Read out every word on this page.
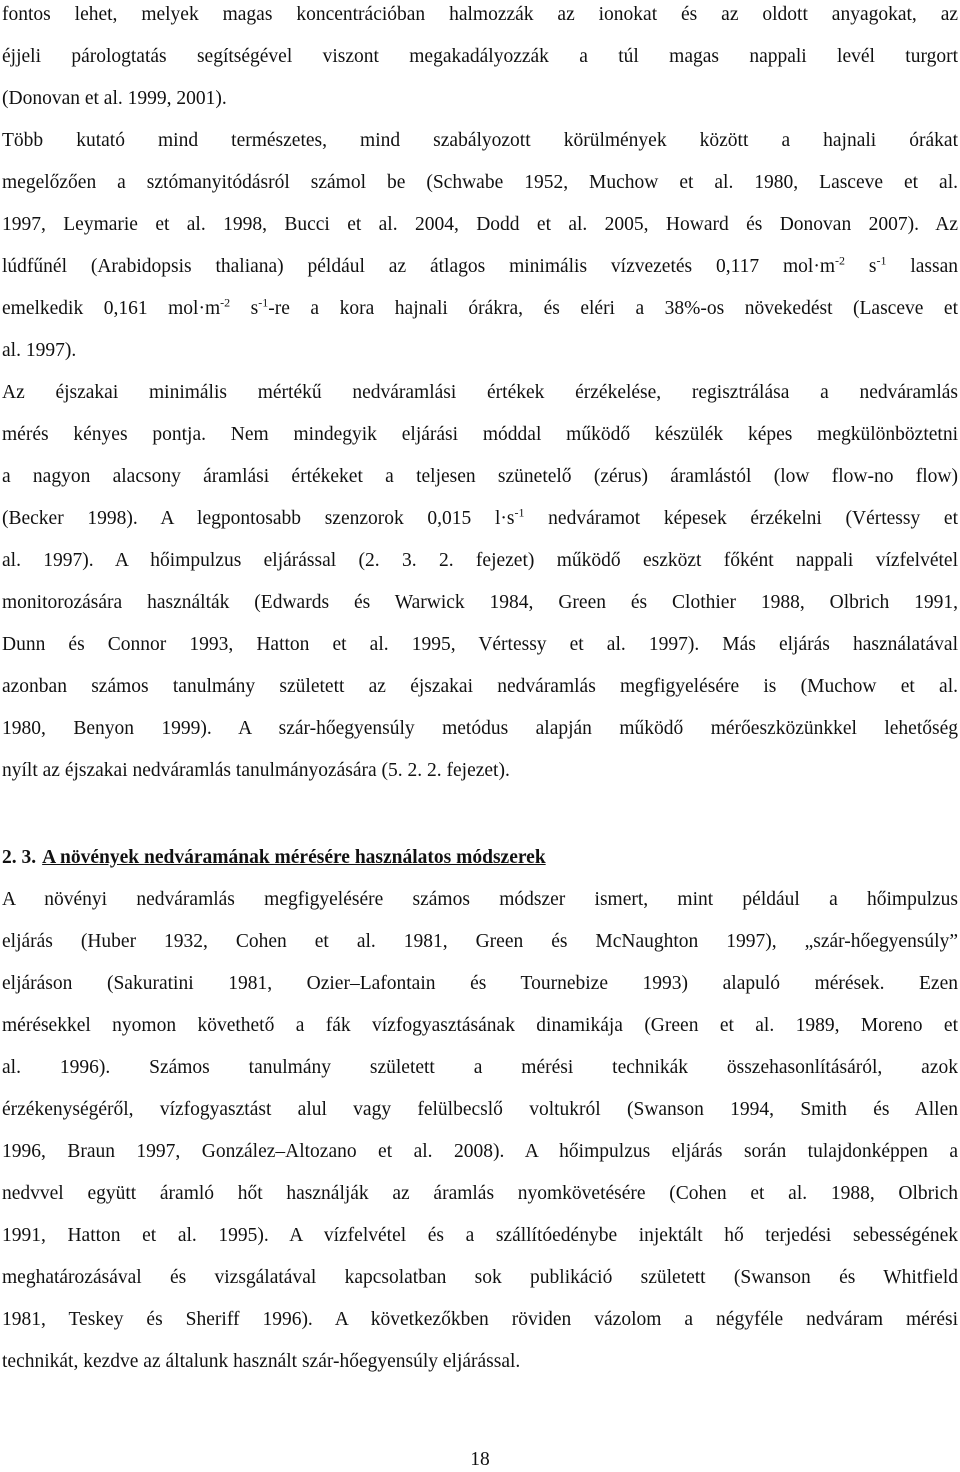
fontos lehet, melyek magas koncentrációban halmozzák az ionokat és az oldott anyagokat, az

éjjeli párologtatás segítségével viszont megakadályozzák a túl magas nappali levél turgort

(Donovan et al. 1999, 2001).

Több kutató mind természetes, mind szabályozott körülmények között a hajnali órákat

megelőzően a sztómanyitódásról számol be (Schwabe 1952, Muchow et al. 1980, Lasceve et al.

1997, Leymarie et al. 1998, Bucci et al. 2004, Dodd et al. 2005, Howard és Donovan 2007). Az

lúdfűnél (Arabidopsis thaliana) például az átlagos minimális vízvezetés 0,117 $mol\cdot m^{-2}$ $s^{-1}$ lassan

emelkedik 0,161 $mol\cdot m^{-2}$ $s^{-1}-re$ a kora hajnali órákra, és eléri a 38%-os növekedést (Lasceve et

al. 1997).

Az éjszakai minimális mértékű nedváramlási értékek érzékelése, regisztrálása a nedváramlás

mérés kényes pontja. Nem mindegyik eljárási móddal működő készülék képes megkülönböztetni

a nagyon alacsony áramlási értékeket a teljesen szünetelő (zérus) áramlástól (low flow-no flow)

(Becker 1998). A legpontosabb szenzorok 0,015 $l\cdot s^{-1}$ nedváramot képesek érzékelni (Vértessy et

al. 1997). A hőimpulzus eljárással (2. 3. 2. fejezet) működő eszközt főként nappali vízfelvétel

monitorozására használták (Edwards és Warwick 1984, Green és Clothier 1988, Olbrich 1991,

Dunn és Connor 1993, Hatton et al. 1995, Vértessy et al. 1997). Más eljárás használatával

azonban számos tanulmány született az éjszakai nedváramlás megfigyelésére is (Muchow et al.

1980, Benyon 1999). A szár-hőegyensúly metódus alapján működő mérőeszközünkkel lehetőség

nyílt az éjszakai nedváramlás tanulmányozására (5. 2. 2. fejezet).

2. 3. A növények nedváramának mérésére használatos módszerek

A növényi nedváramlás megfigyelésére számos módszer ismert, mint például a hőimpulzus

eljárás (Huber 1932, Cohen et al. 1981, Green és McNaughton 1997), „szár-hőegyensúly”

eljáráson (Sakuratini 1981, Ozier–Lafontain és Tournebize 1993) alapuló mérések. Ezen

mérésekkel nyomon követhető a fák vízfogyasztásának dinamikája (Green et al. 1989, Moreno et

al. 1996). Számos tanulmány született a mérési technikák összehasonlításáról, azok

érzékenységéről, vízfogyasztást alul vagy felülbecslő voltukról (Swanson 1994, Smith és Allen

1996, Braun 1997, González–Altozano et al. 2008). A hőimpulzus eljárás során tulajdonképpen a

nedvvel együtt áramló hőt használják az áramlás nyomkövetésére (Cohen et al. 1988, Olbrich

1991, Hatton et al. 1995). A vízfelvétel és a szállítóedénybe injektált hő terjedési sebességének

meghatározásával és vizsgálatával kapcsolatban sok publikáció született (Swanson és Whitfield

1981, Teskey és Sheriff 1996). A következőkben röviden vázolom a négyféle nedváram mérési

technikát, kezdve az általunk használt szár-hőegyensúly eljárással.

18
